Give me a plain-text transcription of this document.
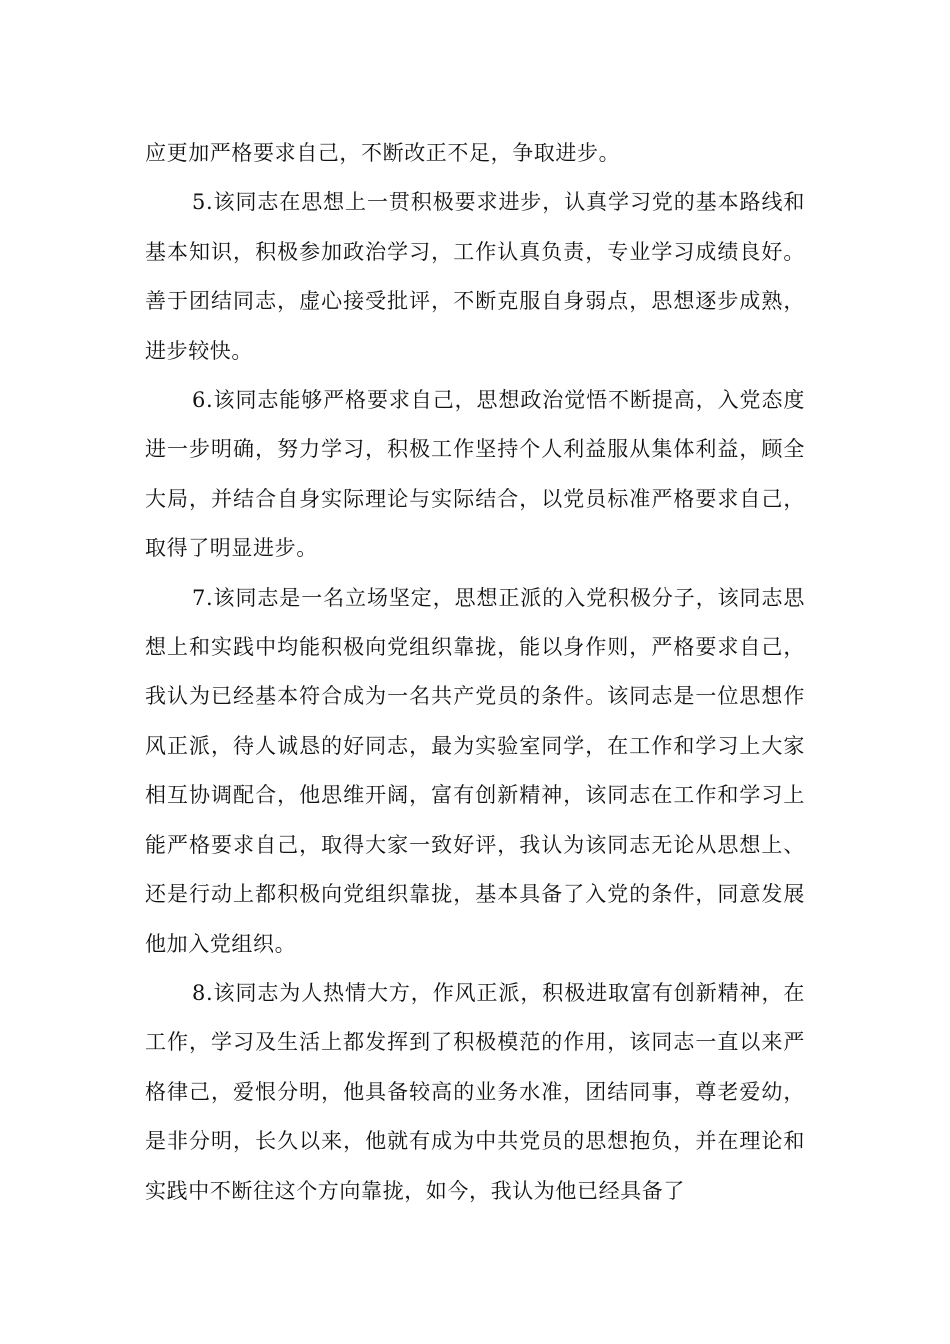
应更加严格要求自己，不断改正不足，争取进步。

5.该同志在思想上一贯积极要求进步，认真学习党的基本路线和基本知识，积极参加政治学习，工作认真负责，专业学习成绩良好。善于团结同志，虚心接受批评，不断克服自身弱点，思想逐步成熟，进步较快。

6.该同志能够严格要求自己，思想政治觉悟不断提高，入党态度进一步明确，努力学习，积极工作坚持个人利益服从集体利益，顾全大局，并结合自身实际理论与实际结合，以党员标准严格要求自己，取得了明显进步。

7.该同志是一名立场坚定，思想正派的入党积极分子，该同志思想上和实践中均能积极向党组织靠拢，能以身作则，严格要求自己，我认为已经基本符合成为一名共产党员的条件。该同志是一位思想作风正派，待人诚恳的好同志，最为实验室同学，在工作和学习上大家相互协调配合，他思维开阔，富有创新精神，该同志在工作和学习上能严格要求自己，取得大家一致好评，我认为该同志无论从思想上、还是行动上都积极向党组织靠拢，基本具备了入党的条件，同意发展他加入党组织。

8.该同志为人热情大方，作风正派，积极进取富有创新精神，在工作，学习及生活上都发挥到了积极模范的作用，该同志一直以来严格律己，爱恨分明，他具备较高的业务水准，团结同事，尊老爱幼，是非分明，长久以来，他就有成为中共党员的思想抱负，并在理论和实践中不断往这个方向靠拢，如今，我认为他已经具备了
